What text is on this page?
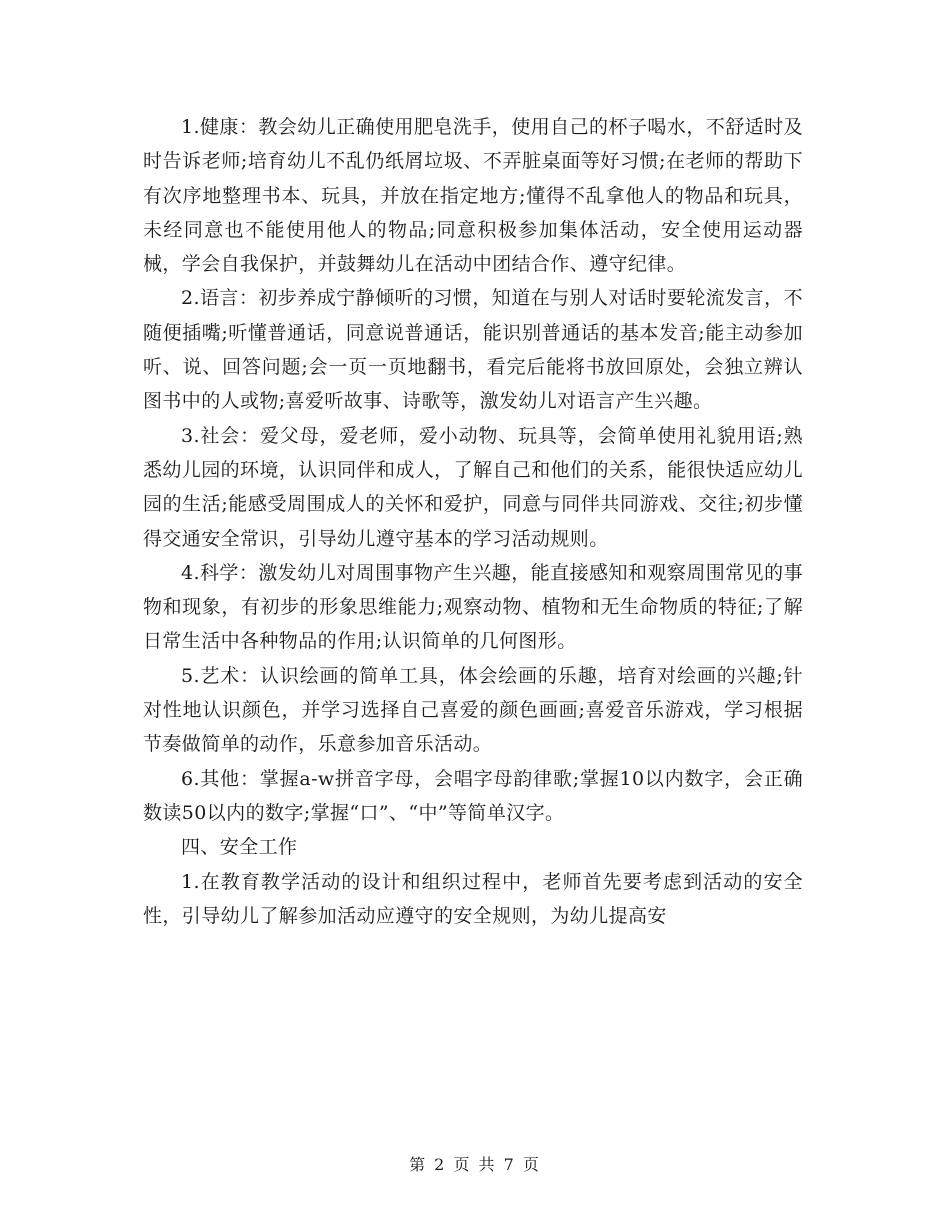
1.健康：教会幼儿正确使用肥皂洗手，使用自己的杯子喝水，不舒适时及时告诉老师;培育幼儿不乱仍纸屑垃圾、不弄脏桌面等好习惯;在老师的帮助下有次序地整理书本、玩具，并放在指定地方;懂得不乱拿他人的物品和玩具，未经同意也不能使用他人的物品;同意积极参加集体活动，安全使用运动器械，学会自我保护，并鼓舞幼儿在活动中团结合作、遵守纪律。

2.语言：初步养成宁静倾听的习惯，知道在与别人对话时要轮流发言，不随便插嘴;听懂普通话，同意说普通话，能识别普通话的基本发音;能主动参加听、说、回答问题;会一页一页地翻书，看完后能将书放回原处，会独立辨认图书中的人或物;喜爱听故事、诗歌等，激发幼儿对语言产生兴趣。

3.社会：爱父母，爱老师，爱小动物、玩具等，会简单使用礼貌用语;熟悉幼儿园的环境，认识同伴和成人，了解自己和他们的关系，能很快适应幼儿园的生活;能感受周围成人的关怀和爱护，同意与同伴共同游戏、交往;初步懂得交通安全常识，引导幼儿遵守基本的学习活动规则。

4.科学：激发幼儿对周围事物产生兴趣，能直接感知和观察周围常见的事物和现象，有初步的形象思维能力;观察动物、植物和无生命物质的特征;了解日常生活中各种物品的作用;认识简单的几何图形。

5.艺术：认识绘画的简单工具，体会绘画的乐趣，培育对绘画的兴趣;针对性地认识颜色，并学习选择自己喜爱的颜色画画;喜爱音乐游戏，学习根据节奏做简单的动作，乐意参加音乐活动。

6.其他：掌握a-w拼音字母，会唱字母韵律歌;掌握10以内数字，会正确数读50以内的数字;掌握“口”、“中”等简单汉字。

四、安全工作

1.在教育教学活动的设计和组织过程中，老师首先要考虑到活动的安全性，引导幼儿了解参加活动应遵守的安全规则，为幼儿提高安

第 2 页 共 7 页
